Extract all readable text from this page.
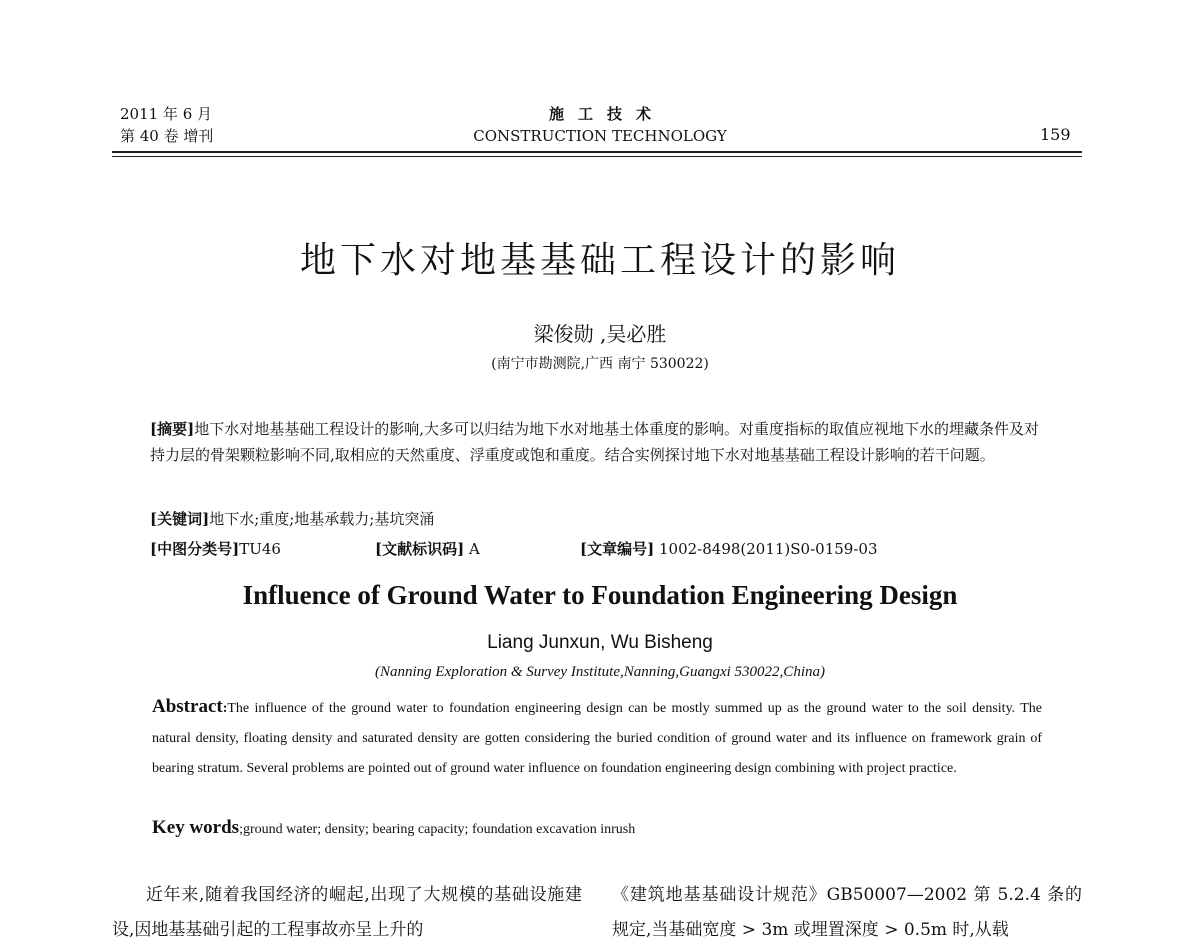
2011 年 6 月
第 40 卷 增刊
施工技术
CONSTRUCTION TECHNOLOGY	159
地下水对地基基础工程设计的影响
梁俊勋 ,吴必胜
(南宁市勘测院,广西 南宁 530022)
[摘要]地下水对地基基础工程设计的影响,大多可以归结为地下水对地基土体重度的影响。对重度指标的取值应视地下水的埋藏条件及对持力层的骨架颗粒影响不同,取相应的天然重度、浮重度或饱和重度。结合实例探讨地下水对地基基础工程设计影响的若干问题。
[关键词]地下水;重度;地基承载力;基坑突涌
[中图分类号]TU46	[文献标识码] A	[文章编号] 1002-8498(2011)S0-0159-03
Influence of Ground Water to Foundation Engineering Design
Liang Junxun, Wu Bisheng
(Nanning Exploration & Survey Institute,Nanning,Guangxi 530022,China)
Abstract:The influence of the ground water to foundation engineering design can be mostly summed up as the ground water to the soil density. The natural density, floating density and saturated density are gotten considering the buried condition of ground water and its influence on framework grain of bearing stratum. Several problems are pointed out of ground water influence on foundation engineering design combining with project practice.
Key words;ground water; density; bearing capacity; foundation excavation inrush
近年来,随着我国经济的崛起,出现了大规模的基础设施建设,因地基基础引起的工程事故亦呈上升的
《建筑地基基础设计规范》GB50007—2002 第 5.2.4 条的规定,当基础宽度 > 3m 或埋置深度 > 0.5m 时,从载
